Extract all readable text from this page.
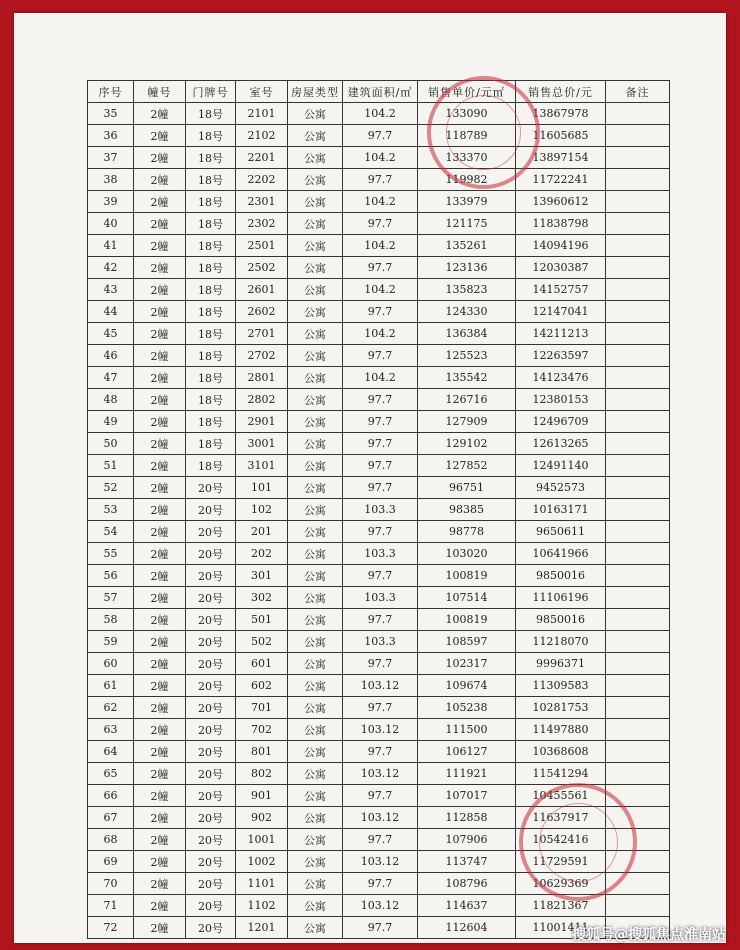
序号	幢号	门牌号	室号	房屋类型	建筑面积/㎡	销售单价/元㎡	销售总价/元	备注
35	2幢	18号	2101	公寓	104.2	133090	13867978	
36	2幢	18号	2102	公寓	97.7	118789	11605685	
37	2幢	18号	2201	公寓	104.2	133370	13897154	
38	2幢	18号	2202	公寓	97.7	119982	11722241	
39	2幢	18号	2301	公寓	104.2	133979	13960612	
40	2幢	18号	2302	公寓	97.7	121175	11838798	
41	2幢	18号	2501	公寓	104.2	135261	14094196	
42	2幢	18号	2502	公寓	97.7	123136	12030387	
43	2幢	18号	2601	公寓	104.2	135823	14152757	
44	2幢	18号	2602	公寓	97.7	124330	12147041	
45	2幢	18号	2701	公寓	104.2	136384	14211213	
46	2幢	18号	2702	公寓	97.7	125523	12263597	
47	2幢	18号	2801	公寓	104.2	135542	14123476	
48	2幢	18号	2802	公寓	97.7	126716	12380153	
49	2幢	18号	2901	公寓	97.7	127909	12496709	
50	2幢	18号	3001	公寓	97.7	129102	12613265	
51	2幢	18号	3101	公寓	97.7	127852	12491140	
52	2幢	20号	101	公寓	97.7	96751	9452573	
53	2幢	20号	102	公寓	103.3	98385	10163171	
54	2幢	20号	201	公寓	97.7	98778	9650611	
55	2幢	20号	202	公寓	103.3	103020	10641966	
56	2幢	20号	301	公寓	97.7	100819	9850016	
57	2幢	20号	302	公寓	103.3	107514	11106196	
58	2幢	20号	501	公寓	97.7	100819	9850016	
59	2幢	20号	502	公寓	103.3	108597	11218070	
60	2幢	20号	601	公寓	97.7	102317	9996371	
61	2幢	20号	602	公寓	103.12	109674	11309583	
62	2幢	20号	701	公寓	97.7	105238	10281753	
63	2幢	20号	702	公寓	103.12	111500	11497880	
64	2幢	20号	801	公寓	97.7	106127	10368608	
65	2幢	20号	802	公寓	103.12	111921	11541294	
66	2幢	20号	901	公寓	97.7	107017	10455561	
67	2幢	20号	902	公寓	103.12	112858	11637917	
68	2幢	20号	1001	公寓	97.7	107906	10542416	
69	2幢	20号	1002	公寓	103.12	113747	11729591	
70	2幢	20号	1101	公寓	97.7	108796	10629369	
71	2幢	20号	1102	公寓	103.12	114637	11821367	
72	2幢	20号	1201	公寓	97.7	112604	11001411	
搜狐号@搜狐焦点淮南站
